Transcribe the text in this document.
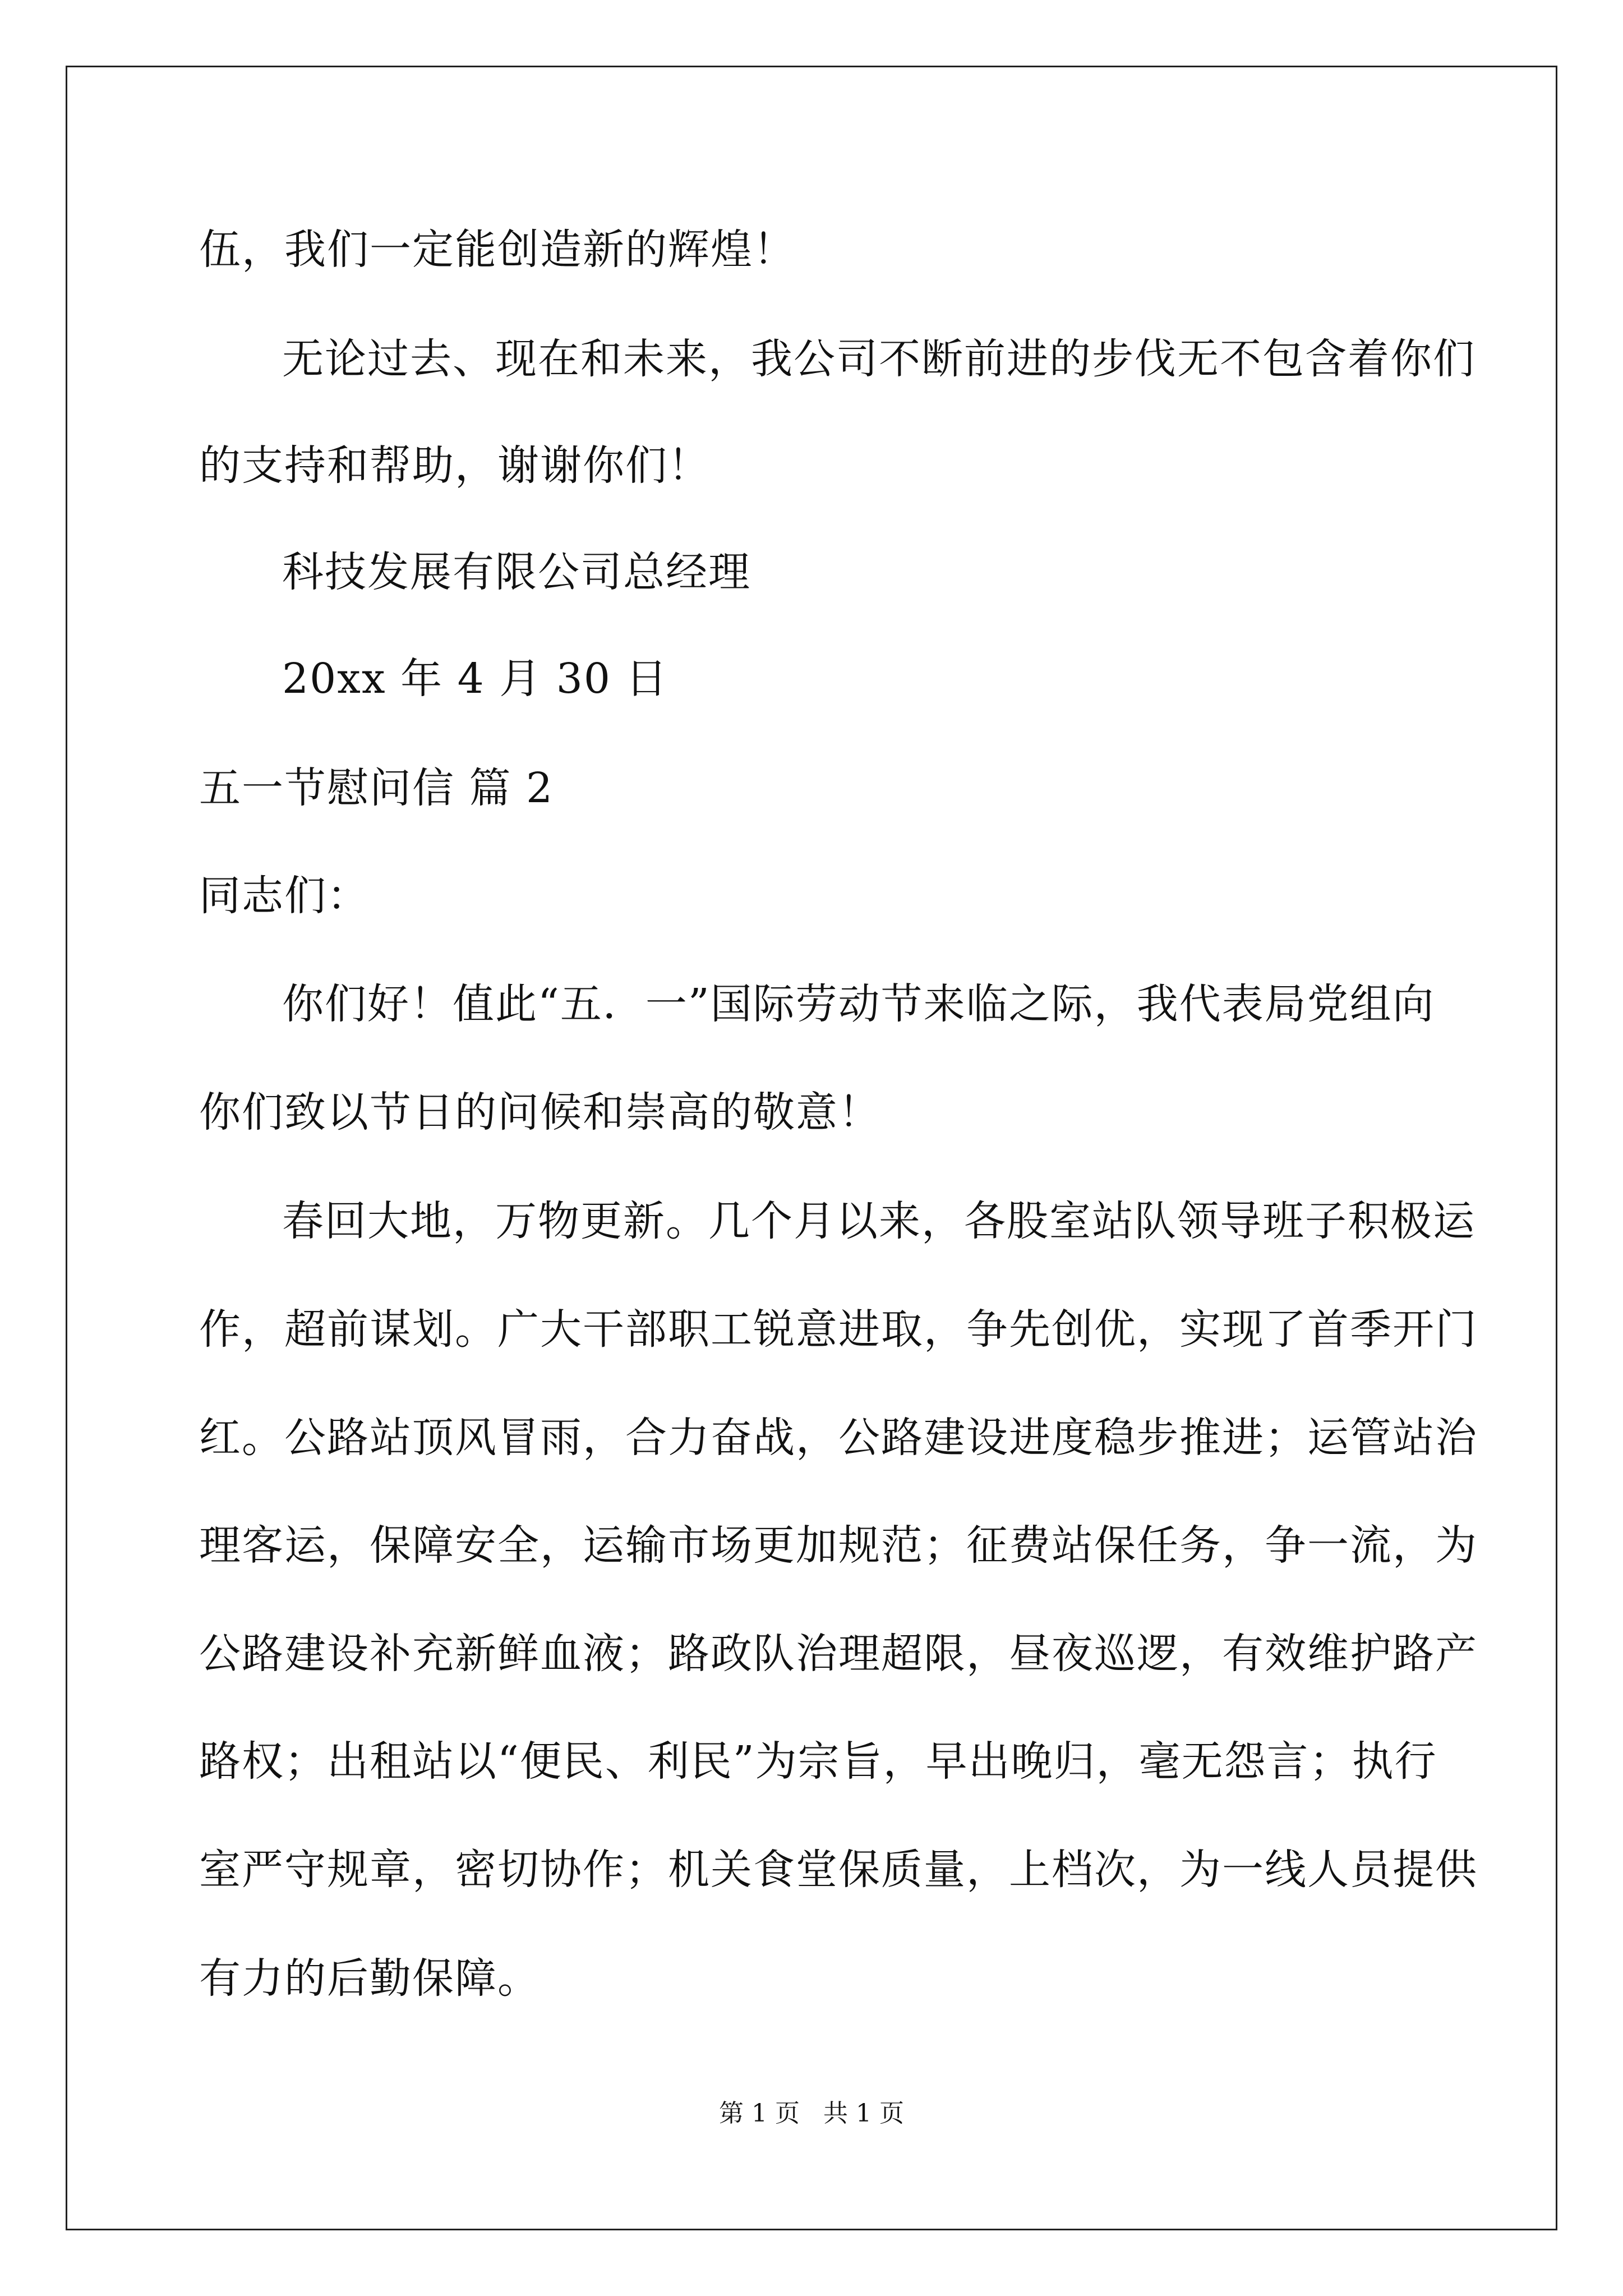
伍，我们一定能创造新的辉煌！
无论过去、现在和未来，我公司不断前进的步伐无不包含着你们
的支持和帮助，谢谢你们！
科技发展有限公司总经理
20xx 年 4 月 30 日
五一节慰问信 篇 2
同志们：
你们好！值此“五．一”国际劳动节来临之际，我代表局党组向
你们致以节日的问候和崇高的敬意！
春回大地，万物更新。几个月以来，各股室站队领导班子积极运
作，超前谋划。广大干部职工锐意进取，争先创优，实现了首季开门
红。公路站顶风冒雨，合力奋战，公路建设进度稳步推进；运管站治
理客运，保障安全，运输市场更加规范；征费站保任务，争一流，为
公路建设补充新鲜血液；路政队治理超限，昼夜巡逻，有效维护路产
路权；出租站以“便民、利民”为宗旨，早出晚归，毫无怨言；执行
室严守规章，密切协作；机关食堂保质量，上档次，为一线人员提供
有力的后勤保障。
第 1 页   共 1 页
